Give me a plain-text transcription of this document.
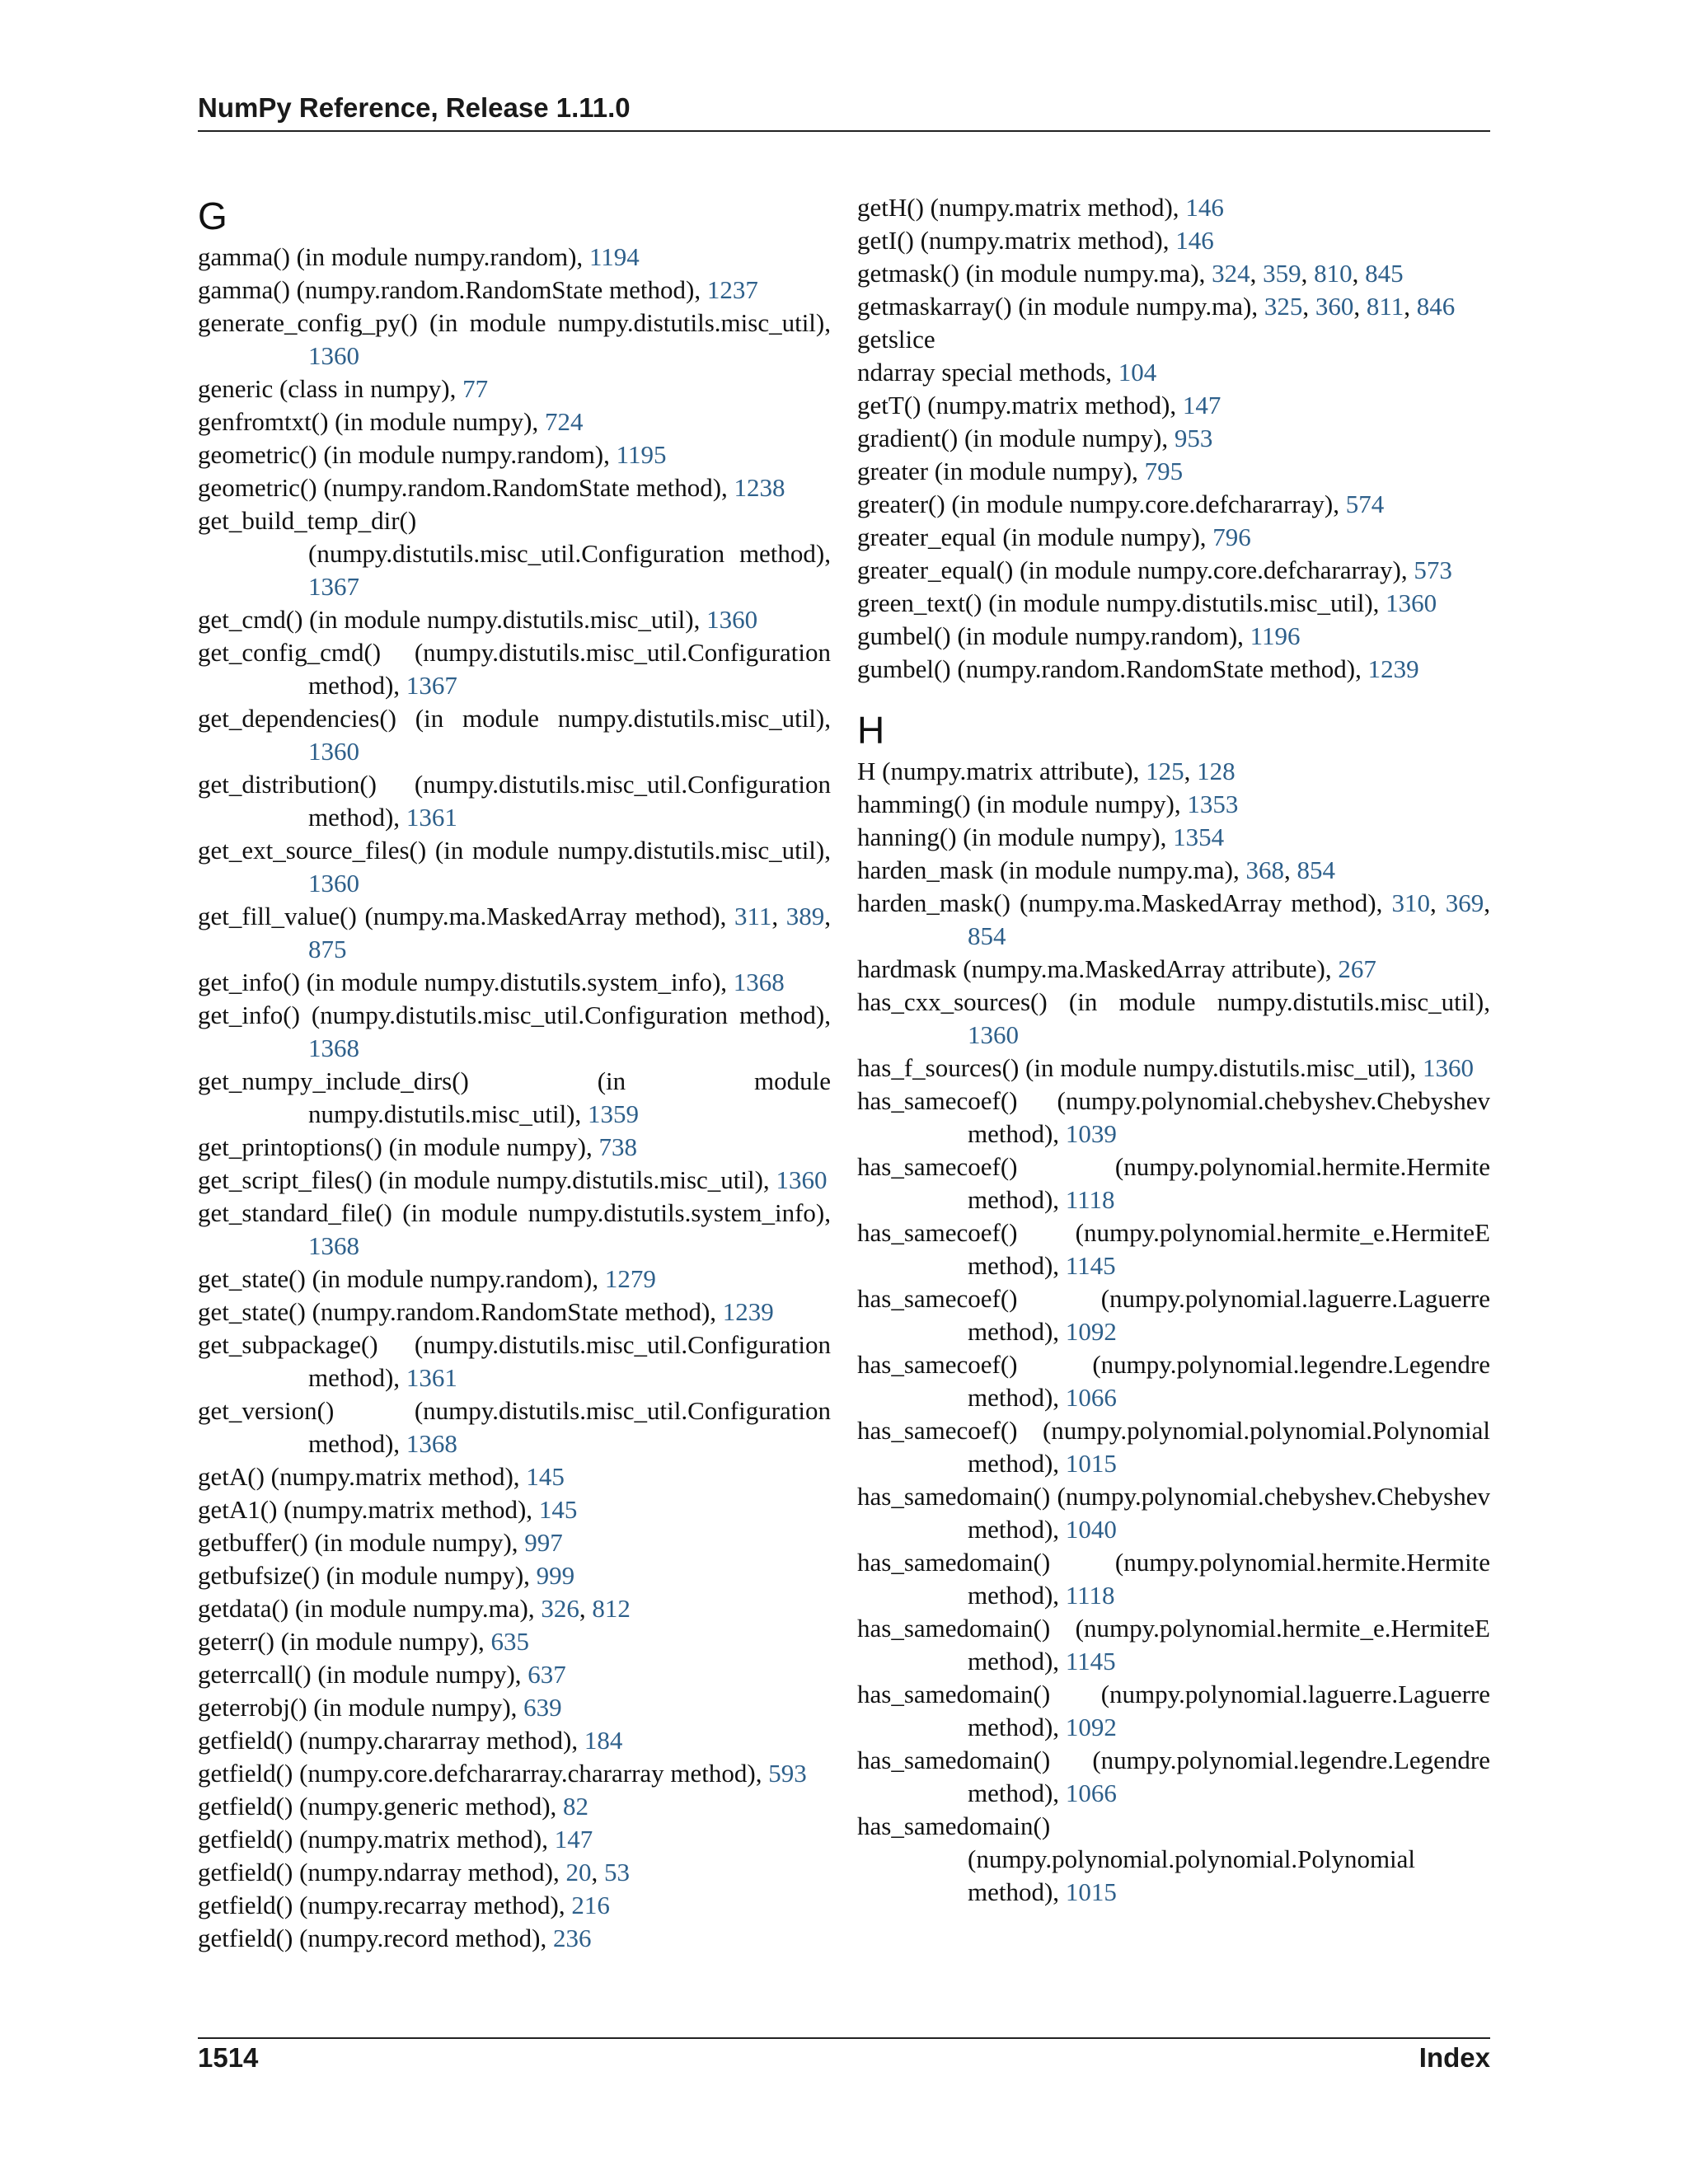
NumPy Reference, Release 1.11.0
G
gamma() (in module numpy.random), 1194
gamma() (numpy.random.RandomState method), 1237
generate_config_py() (in module numpy.distutils.misc_util), 1360
generic (class in numpy), 77
genfromtxt() (in module numpy), 724
geometric() (in module numpy.random), 1195
geometric() (numpy.random.RandomState method), 1238
get_build_temp_dir() (numpy.distutils.misc_util.Configuration method), 1367
get_cmd() (in module numpy.distutils.misc_util), 1360
get_config_cmd() (numpy.distutils.misc_util.Configuration method), 1367
get_dependencies() (in module numpy.distutils.misc_util), 1360
get_distribution() (numpy.distutils.misc_util.Configuration method), 1361
get_ext_source_files() (in module numpy.distutils.misc_util), 1360
get_fill_value() (numpy.ma.MaskedArray method), 311, 389, 875
get_info() (in module numpy.distutils.system_info), 1368
get_info() (numpy.distutils.misc_util.Configuration method), 1368
get_numpy_include_dirs() (in module numpy.distutils.misc_util), 1359
get_printoptions() (in module numpy), 738
get_script_files() (in module numpy.distutils.misc_util), 1360
get_standard_file() (in module numpy.distutils.system_info), 1368
get_state() (in module numpy.random), 1279
get_state() (numpy.random.RandomState method), 1239
get_subpackage() (numpy.distutils.misc_util.Configuration method), 1361
get_version() (numpy.distutils.misc_util.Configuration method), 1368
getA() (numpy.matrix method), 145
getA1() (numpy.matrix method), 145
getbuffer() (in module numpy), 997
getbufsize() (in module numpy), 999
getdata() (in module numpy.ma), 326, 812
geterr() (in module numpy), 635
geterrcall() (in module numpy), 637
geterrobj() (in module numpy), 639
getfield() (numpy.chararray method), 184
getfield() (numpy.core.defchararray.chararray method), 593
getfield() (numpy.generic method), 82
getfield() (numpy.matrix method), 147
getfield() (numpy.ndarray method), 20, 53
getfield() (numpy.recarray method), 216
getfield() (numpy.record method), 236
getH() (numpy.matrix method), 146
getI() (numpy.matrix method), 146
getmask() (in module numpy.ma), 324, 359, 810, 845
getmaskarray() (in module numpy.ma), 325, 360, 811, 846
getslice
ndarray special methods, 104
getT() (numpy.matrix method), 147
gradient() (in module numpy), 953
greater (in module numpy), 795
greater() (in module numpy.core.defchararray), 574
greater_equal (in module numpy), 796
greater_equal() (in module numpy.core.defchararray), 573
green_text() (in module numpy.distutils.misc_util), 1360
gumbel() (in module numpy.random), 1196
gumbel() (numpy.random.RandomState method), 1239
H
H (numpy.matrix attribute), 125, 128
hamming() (in module numpy), 1353
hanning() (in module numpy), 1354
harden_mask (in module numpy.ma), 368, 854
harden_mask() (numpy.ma.MaskedArray method), 310, 369, 854
hardmask (numpy.ma.MaskedArray attribute), 267
has_cxx_sources() (in module numpy.distutils.misc_util), 1360
has_f_sources() (in module numpy.distutils.misc_util), 1360
has_samecoef() (numpy.polynomial.chebyshev.Chebyshev method), 1039
has_samecoef() (numpy.polynomial.hermite.Hermite method), 1118
has_samecoef() (numpy.polynomial.hermite_e.HermiteE method), 1145
has_samecoef() (numpy.polynomial.laguerre.Laguerre method), 1092
has_samecoef() (numpy.polynomial.legendre.Legendre method), 1066
has_samecoef() (numpy.polynomial.polynomial.Polynomial method), 1015
has_samedomain() (numpy.polynomial.chebyshev.Chebyshev method), 1040
has_samedomain() (numpy.polynomial.hermite.Hermite method), 1118
has_samedomain() (numpy.polynomial.hermite_e.HermiteE method), 1145
has_samedomain() (numpy.polynomial.laguerre.Laguerre method), 1092
has_samedomain() (numpy.polynomial.legendre.Legendre method), 1066
has_samedomain() (numpy.polynomial.polynomial.Polynomial method), 1015
1514	Index
